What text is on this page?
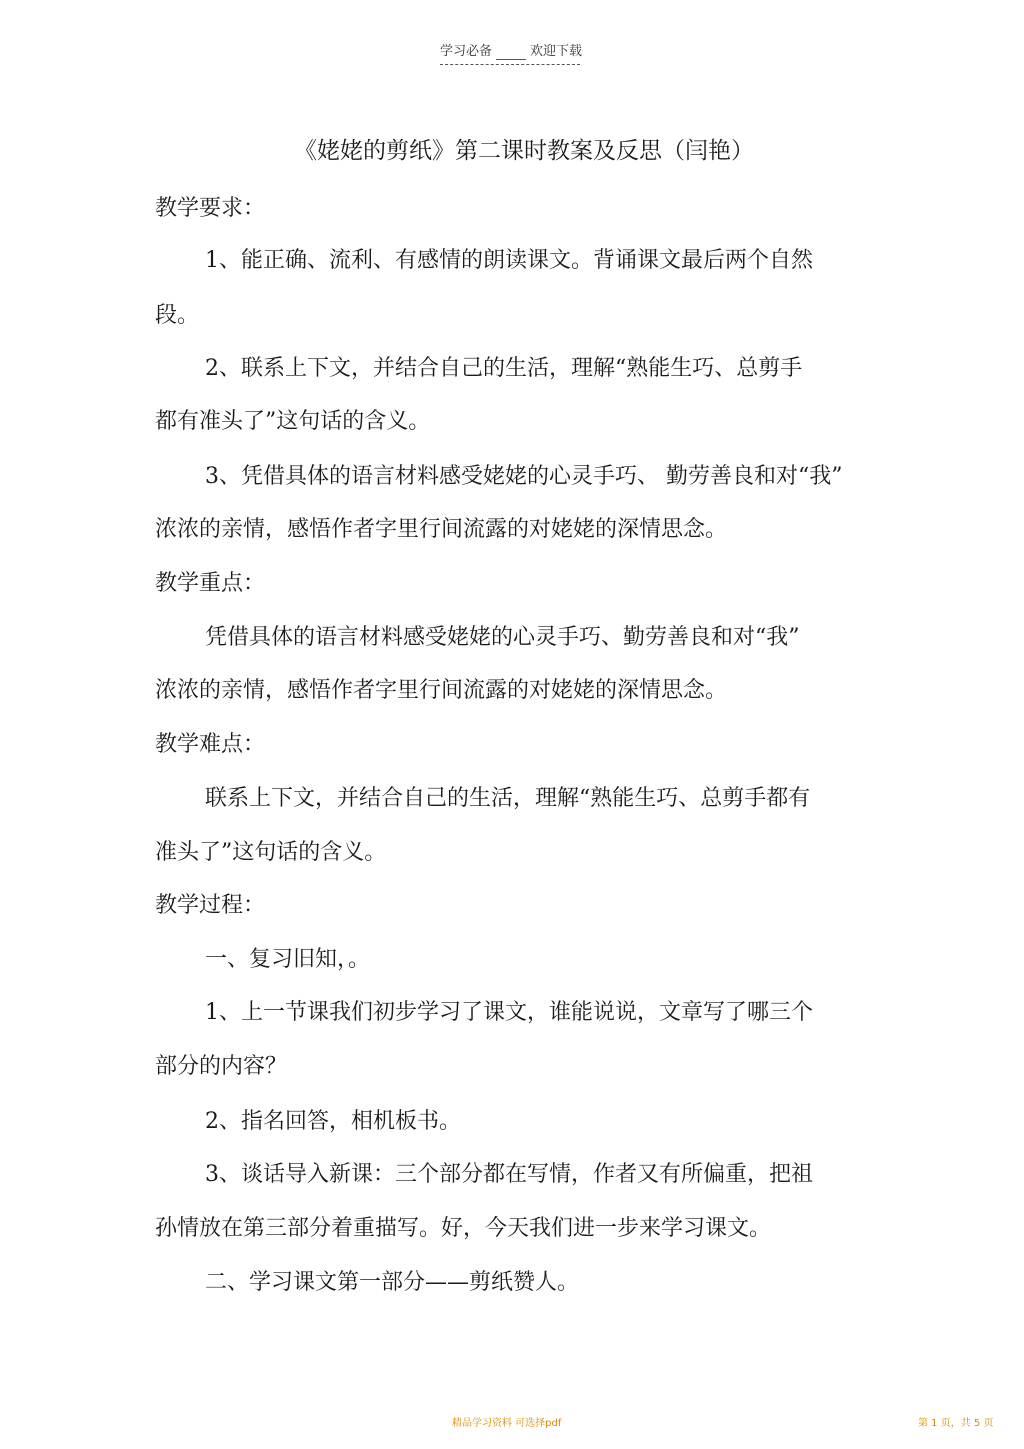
学习必备	欢迎下载
《姥姥的剪纸》第二课时教案及反思（闫艳）
教学要求：
1、能正确、流利、有感情的朗读课文。背诵课文最后两个自然
段。
2、联系上下文，并结合自己的生活，理解“熟能生巧、总剪手
都有准头了”这句话的含义。
3、凭借具体的语言材料感受姥姥的心灵手巧、 勤劳善良和对“我”
浓浓的亲情，感悟作者字里行间流露的对姥姥的深情思念。
教学重点：
凭借具体的语言材料感受姥姥的心灵手巧、勤劳善良和对“我”
浓浓的亲情，感悟作者字里行间流露的对姥姥的深情思念。
教学难点：
联系上下文，并结合自己的生活，理解“熟能生巧、总剪手都有
准头了”这句话的含义。
教学过程：
一、复习旧知，。
1、上一节课我们初步学习了课文，谁能说说，文章写了哪三个
部分的内容？
2、指名回答，相机板书。
3、谈话导入新课：三个部分都在写情，作者又有所偏重，把祖
孙情放在第三部分着重描写。好，今天我们进一步来学习课文。
二、学习课文第一部分——剪纸赞人。
精品学习资料 可选择pdf	第 1 页，共 5 页
